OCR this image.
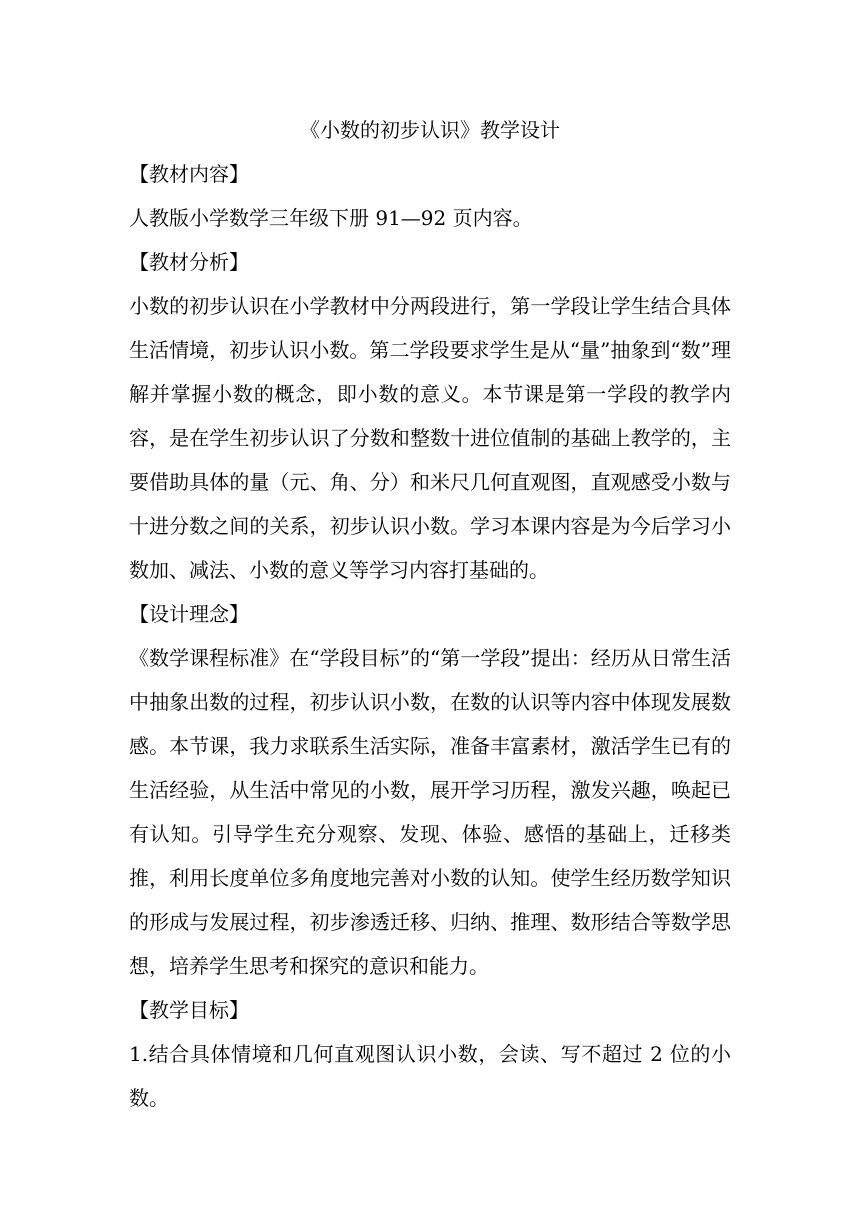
《小数的初步认识》教学设计
【教材内容】

人教版小学数学三年级下册 91—92 页内容。

【教材分析】

小数的初步认识在小学教材中分两段进行，第一学段让学生结合具体生活情境，初步认识小数。第二学段要求学生是从“量”抽象到“数”理解并掌握小数的概念，即小数的意义。本节课是第一学段的教学内容，是在学生初步认识了分数和整数十进位值制的基础上教学的，主要借助具体的量（元、角、分）和米尺几何直观图，直观感受小数与十进分数之间的关系，初步认识小数。学习本课内容是为今后学习小数加、减法、小数的意义等学习内容打基础的。

【设计理念】

《数学课程标准》在“学段目标”的“第一学段”提出：经历从日常生活中抽象出数的过程，初步认识小数，在数的认识等内容中体现发展数感。本节课，我力求联系生活实际，准备丰富素材，激活学生已有的生活经验，从生活中常见的小数，展开学习历程，激发兴趣，唤起已有认知。引导学生充分观察、发现、体验、感悟的基础上，迁移类推，利用长度单位多角度地完善对小数的认知。使学生经历数学知识的形成与发展过程，初步渗透迁移、归纳、推理、数形结合等数学思想，培养学生思考和探究的意识和能力。

【教学目标】

1.结合具体情境和几何直观图认识小数，会读、写不超过 2 位的小数。
